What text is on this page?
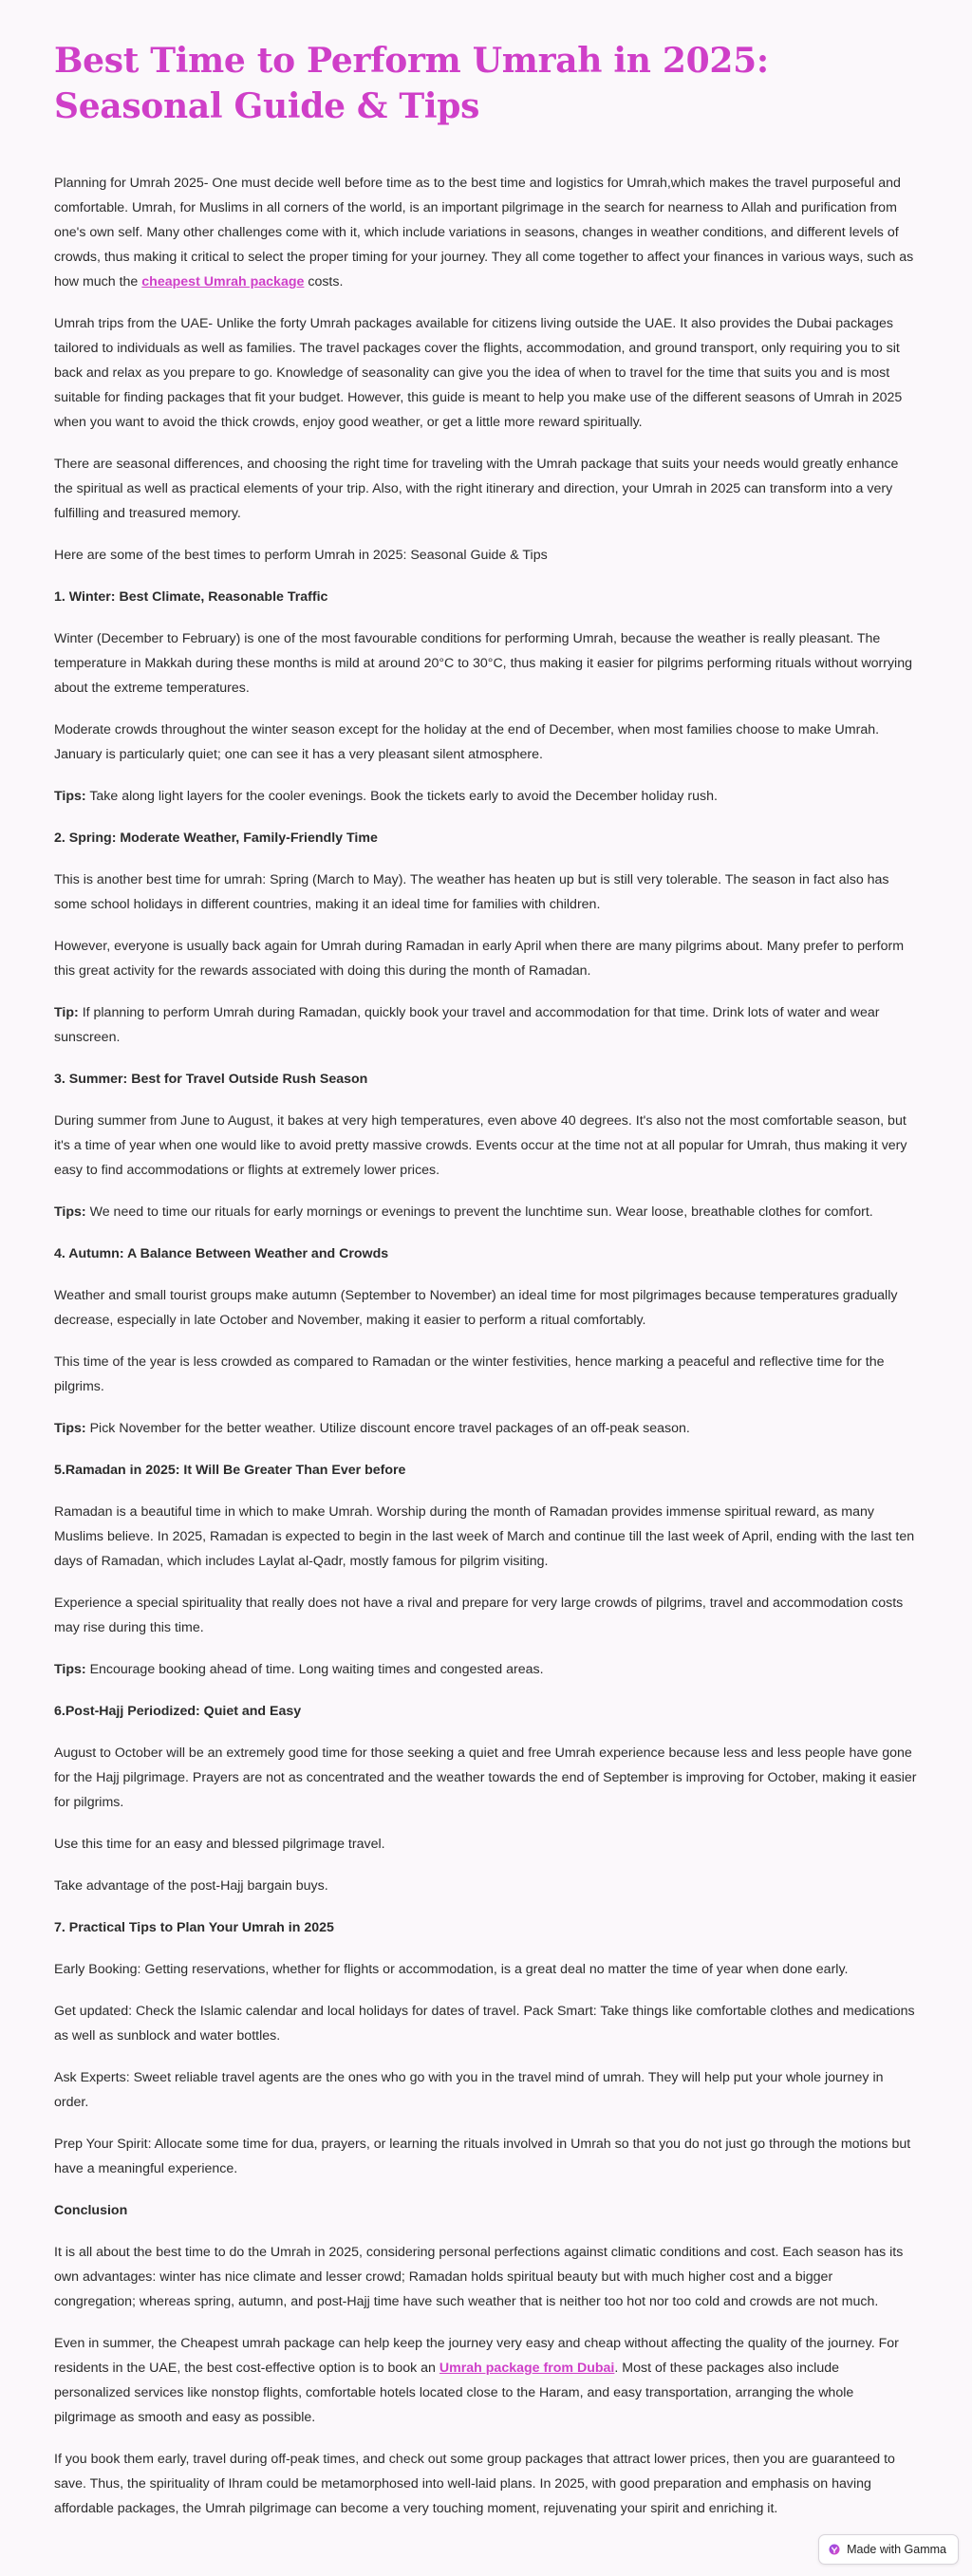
Best Time to Perform Umrah in 2025: Seasonal Guide & Tips

Planning for Umrah 2025- One must decide well before time as to the best time and logistics for Umrah,which makes the travel purposeful and comfortable. Umrah, for Muslims in all corners of the world, is an important pilgrimage in the search for nearness to Allah and purification from one's own self. Many other challenges come with it, which include variations in seasons, changes in weather conditions, and different levels of crowds, thus making it critical to select the proper timing for your journey. They all come together to affect your finances in various ways, such as how much the cheapest Umrah package costs.

Umrah trips from the UAE- Unlike the forty Umrah packages available for citizens living outside the UAE. It also provides the Dubai packages tailored to individuals as well as families. The travel packages cover the flights, accommodation, and ground transport, only requiring you to sit back and relax as you prepare to go. Knowledge of seasonality can give you the idea of when to travel for the time that suits you and is most suitable for finding packages that fit your budget. However, this guide is meant to help you make use of the different seasons of Umrah in 2025 when you want to avoid the thick crowds, enjoy good weather, or get a little more reward spiritually.

There are seasonal differences, and choosing the right time for traveling with the Umrah package that suits your needs would greatly enhance the spiritual as well as practical elements of your trip. Also, with the right itinerary and direction, your Umrah in 2025 can transform into a very fulfilling and treasured memory.

Here are some of the best times to perform Umrah in 2025: Seasonal Guide & Tips

1. Winter: Best Climate, Reasonable Traffic

Winter (December to February) is one of the most favourable conditions for performing Umrah, because the weather is really pleasant. The temperature in Makkah during these months is mild at around 20°C to 30°C, thus making it easier for pilgrims performing rituals without worrying about the extreme temperatures.

Moderate crowds throughout the winter season except for the holiday at the end of December, when most families choose to make Umrah. January is particularly quiet; one can see it has a very pleasant silent atmosphere.

Tips: Take along light layers for the cooler evenings. Book the tickets early to avoid the December holiday rush.

2. Spring: Moderate Weather, Family-Friendly Time

This is another best time for umrah: Spring (March to May). The weather has heaten up but is still very tolerable. The season in fact also has some school holidays in different countries, making it an ideal time for families with children.

However, everyone is usually back again for Umrah during Ramadan in early April when there are many pilgrims about. Many prefer to perform this great activity for the rewards associated with doing this during the month of Ramadan.

Tip: If planning to perform Umrah during Ramadan, quickly book your travel and accommodation for that time. Drink lots of water and wear sunscreen.

3. Summer: Best for Travel Outside Rush Season

During summer from June to August, it bakes at very high temperatures, even above 40 degrees. It's also not the most comfortable season, but it's a time of year when one would like to avoid pretty massive crowds. Events occur at the time not at all popular for Umrah, thus making it very easy to find accommodations or flights at extremely lower prices.

Tips: We need to time our rituals for early mornings or evenings to prevent the lunchtime sun. Wear loose, breathable clothes for comfort.

4. Autumn: A Balance Between Weather and Crowds

Weather and small tourist groups make autumn (September to November) an ideal time for most pilgrimages because temperatures gradually decrease, especially in late October and November, making it easier to perform a ritual comfortably.

This time of the year is less crowded as compared to Ramadan or the winter festivities, hence marking a peaceful and reflective time for the pilgrims.

Tips: Pick November for the better weather. Utilize discount encore travel packages of an off-peak season.

5.Ramadan in 2025: It Will Be Greater Than Ever before

Ramadan is a beautiful time in which to make Umrah. Worship during the month of Ramadan provides immense spiritual reward, as many Muslims believe. In 2025, Ramadan is expected to begin in the last week of March and continue till the last week of April, ending with the last ten days of Ramadan, which includes Laylat al-Qadr, mostly famous for pilgrim visiting.

Experience a special spirituality that really does not have a rival and prepare for very large crowds of pilgrims, travel and accommodation costs may rise during this time.

Tips: Encourage booking ahead of time. Long waiting times and congested areas.

6.Post-Hajj Periodized: Quiet and Easy

August to October will be an extremely good time for those seeking a quiet and free Umrah experience because less and less people have gone for the Hajj pilgrimage. Prayers are not as concentrated and the weather towards the end of September is improving for October, making it easier for pilgrims.

Use this time for an easy and blessed pilgrimage travel.

Take advantage of the post-Hajj bargain buys.

7. Practical Tips to Plan Your Umrah in 2025

Early Booking: Getting reservations, whether for flights or accommodation, is a great deal no matter the time of year when done early.

Get updated: Check the Islamic calendar and local holidays for dates of travel. Pack Smart: Take things like comfortable clothes and medications as well as sunblock and water bottles.

Ask Experts: Sweet reliable travel agents are the ones who go with you in the travel mind of umrah. They will help put your whole journey in order.

Prep Your Spirit: Allocate some time for dua, prayers, or learning the rituals involved in Umrah so that you do not just go through the motions but have a meaningful experience.

Conclusion

It is all about the best time to do the Umrah in 2025, considering personal perfections against climatic conditions and cost. Each season has its own advantages: winter has nice climate and lesser crowd; Ramadan holds spiritual beauty but with much higher cost and a bigger congregation; whereas spring, autumn, and post-Hajj time have such weather that is neither too hot nor too cold and crowds are not much.

Even in summer, the Cheapest umrah package can help keep the journey very easy and cheap without affecting the quality of the journey. For residents in the UAE, the best cost-effective option is to book an Umrah package from Dubai. Most of these packages also include personalized services like nonstop flights, comfortable hotels located close to the Haram, and easy transportation, arranging the whole pilgrimage as smooth and easy as possible.

If you book them early, travel during off-peak times, and check out some group packages that attract lower prices, then you are guaranteed to save. Thus, the spirituality of Ihram could be metamorphosed into well-laid plans. In 2025, with good preparation and emphasis on having affordable packages, the Umrah pilgrimage can become a very touching moment, rejuvenating your spirit and enriching it.

Made with Gamma
